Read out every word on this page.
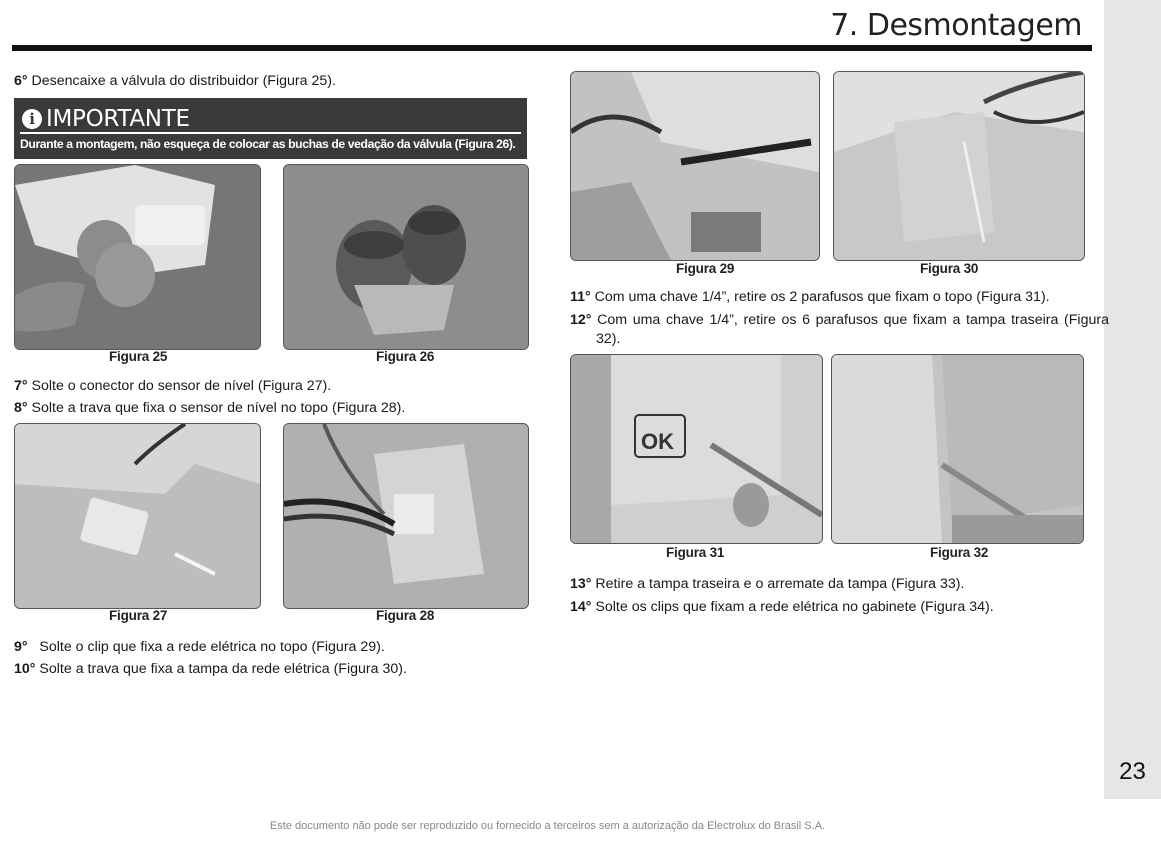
23
7. Desmontagem
6° Desencaixe a válvula do distribuidor (Figura 25).
i IMPORTANTE
Durante a montagem, não esqueça de colocar as buchas de vedação da válvula (Figura 26).
Figura 25	Figura 26
7° Solte o conector do sensor de nível (Figura 27).
8° Solte a trava que fixa o sensor de nível no topo (Figura 28).
Figura 27	Figura 28
9°   Solte o clip que fixa a rede elétrica no topo (Figura 29).
10° Solte a trava que fixa a tampa da rede elétrica (Figura 30).
Figura 29	Figura 30
11° Com uma chave 1/4”, retire os 2 parafusos que fixam o topo (Figura 31).
12° Com uma chave 1/4”, retire os 6 parafusos que fixam a tampa traseira (Figura 32).
OK
Figura 31	Figura 32
13° Retire a tampa traseira e o arremate da tampa (Figura 33).
14° Solte os clips que fixam a rede elétrica no gabinete (Figura 34).
Este documento não pode ser reproduzido ou fornecido a terceiros sem a autorização da Electrolux do Brasil S.A.
